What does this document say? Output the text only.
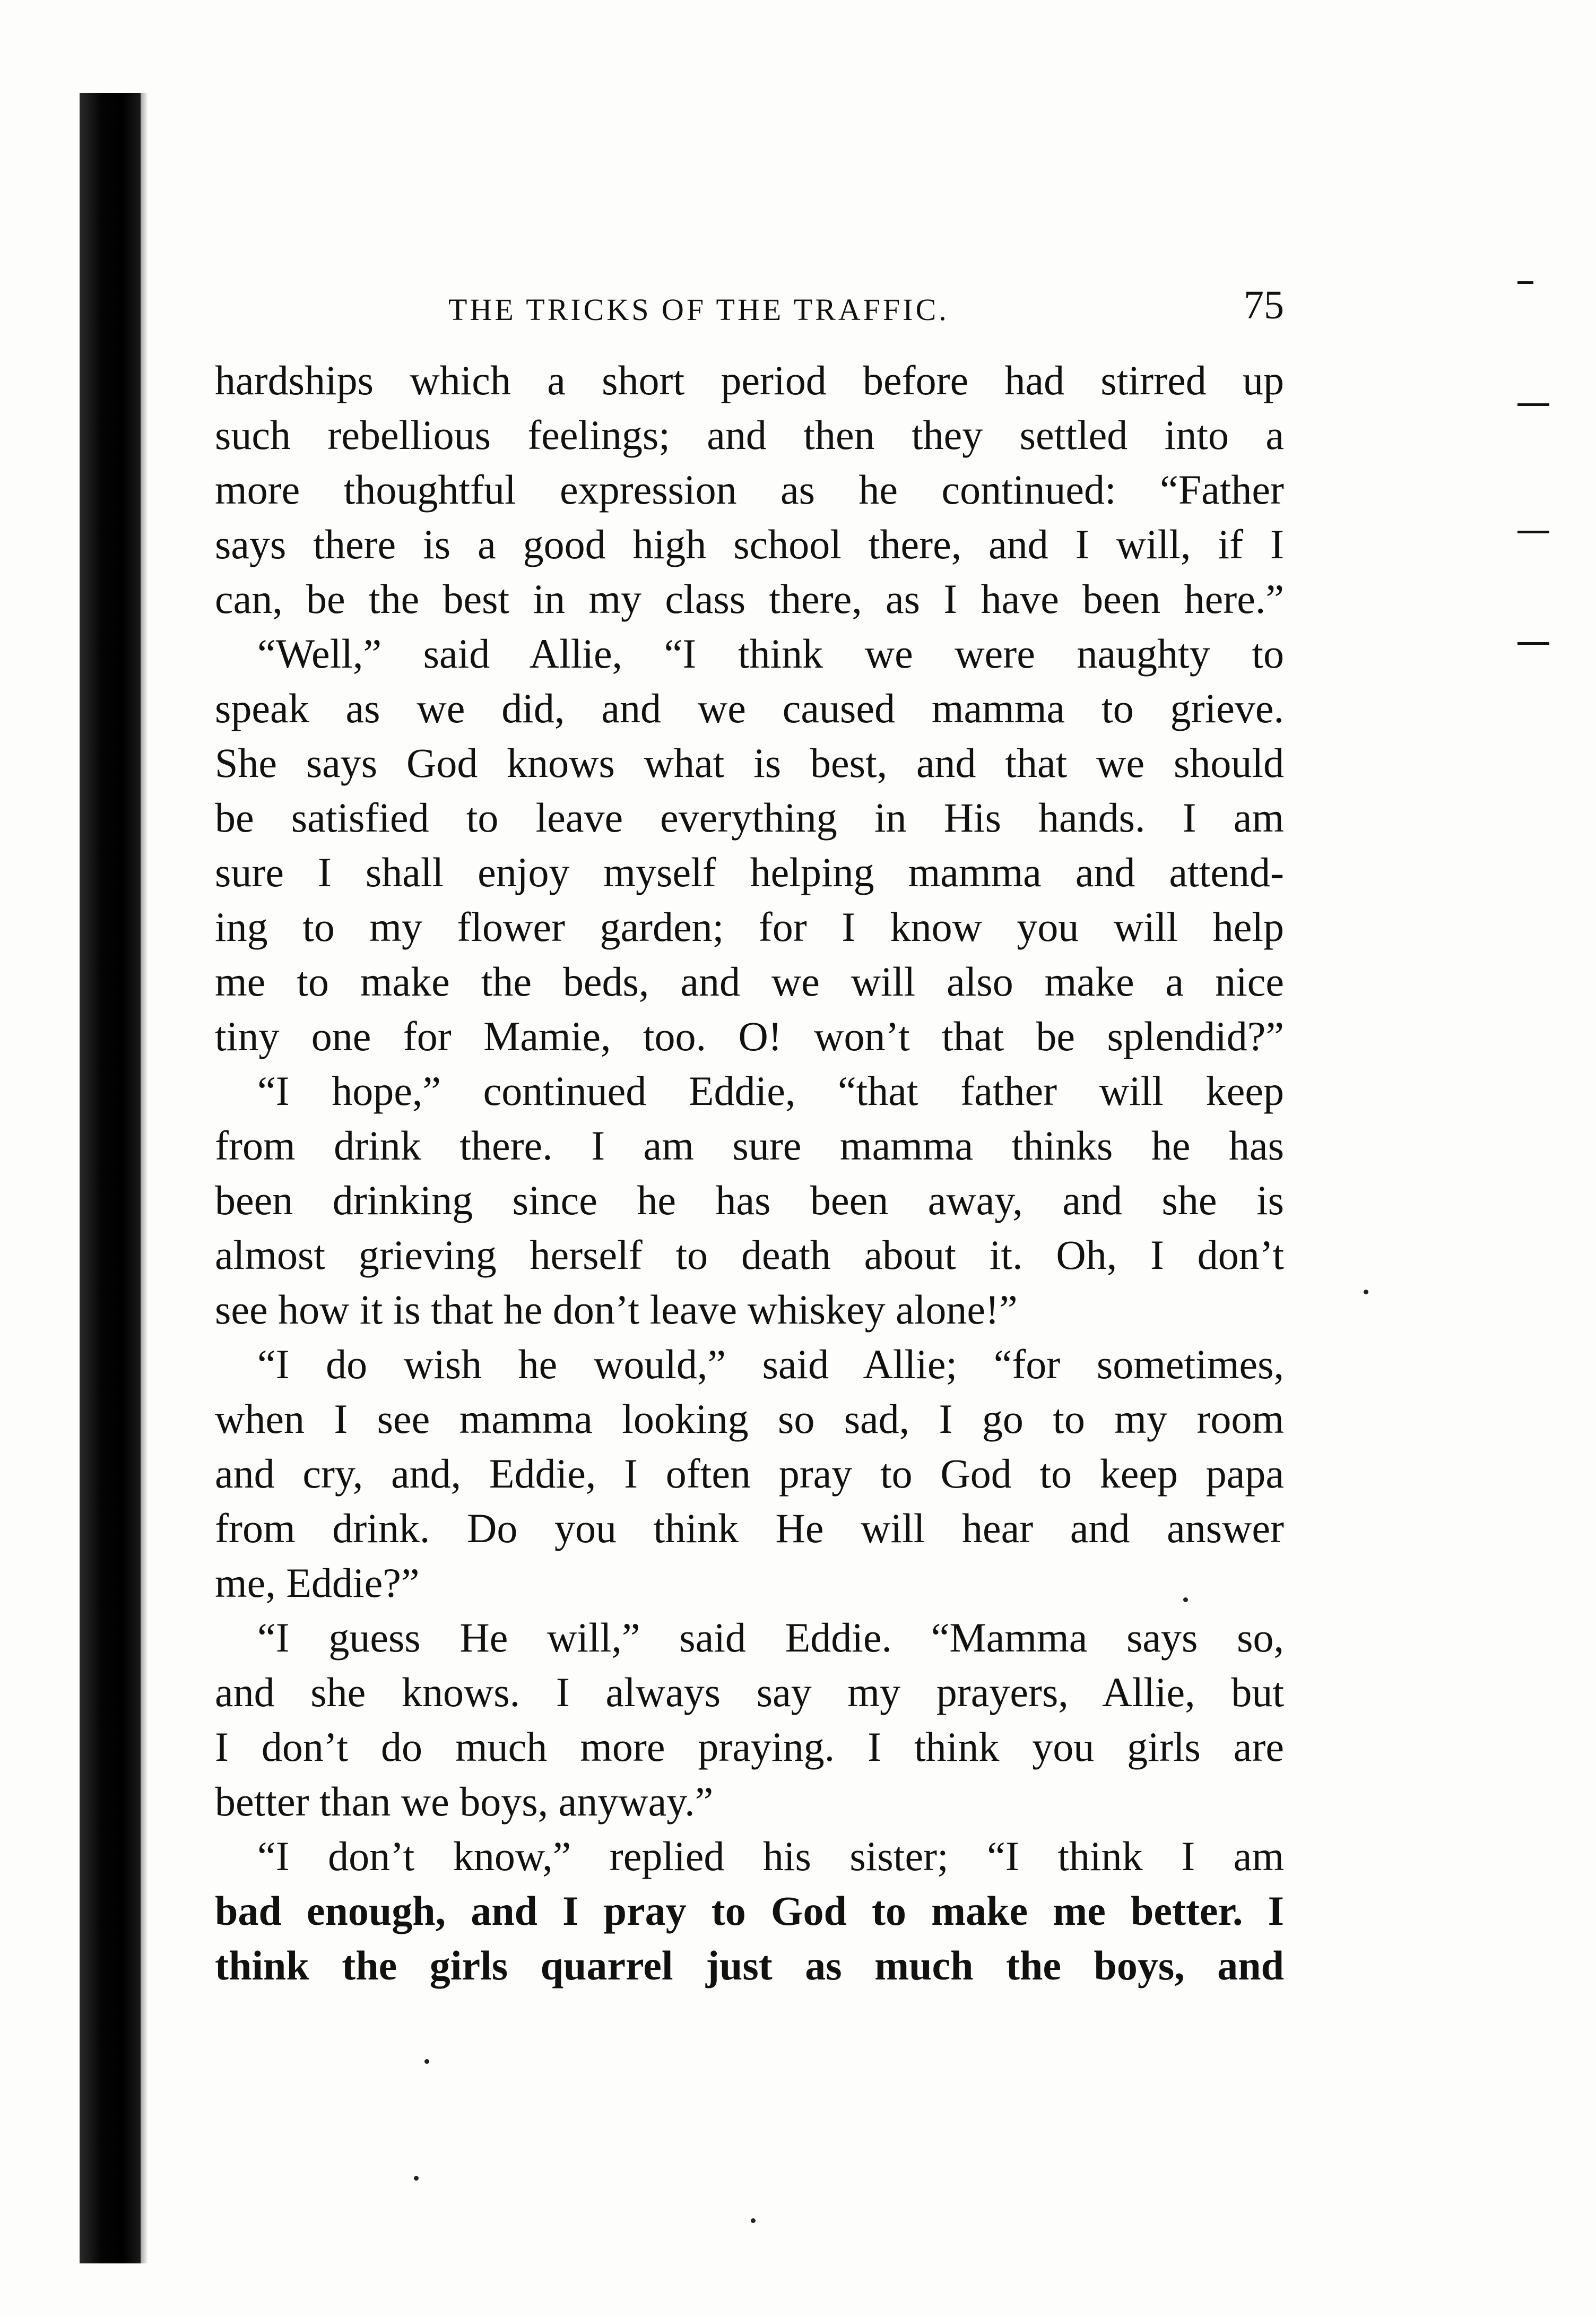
THE TRICKS OF THE TRAFFIC.	75
hardships which a short period before had stirred up
such rebellious feelings; and then they settled into a
more thoughtful expression as he continued: “Father
says there is a good high school there, and I will, if I
can, be the best in my class there, as I have been here.”
“Well,” said Allie, “I think we were naughty to
speak as we did, and we caused mamma to grieve.
She says God knows what is best, and that we should
be satisfied to leave everything in His hands. I am
sure I shall enjoy myself helping mamma and attend-
ing to my flower garden; for I know you will help
me to make the beds, and we will also make a nice
tiny one for Mamie, too. O! won’t that be splendid?”
“I hope,” continued Eddie, “that father will keep
from drink there. I am sure mamma thinks he has
been drinking since he has been away, and she is
almost grieving herself to death about it. Oh, I don’t
see how it is that he don’t leave whiskey alone!”
“I do wish he would,” said Allie; “for sometimes,
when I see mamma looking so sad, I go to my room
and cry, and, Eddie, I often pray to God to keep papa
from drink. Do you think He will hear and answer
me, Eddie?”
“I guess He will,” said Eddie. “Mamma says so,
and she knows. I always say my prayers, Allie, but
I don’t do much more praying. I think you girls are
better than we boys, anyway.”
“I don’t know,” replied his sister; “I think I am
bad enough, and I pray to God to make me better. I
think the girls quarrel just as much the boys, and
